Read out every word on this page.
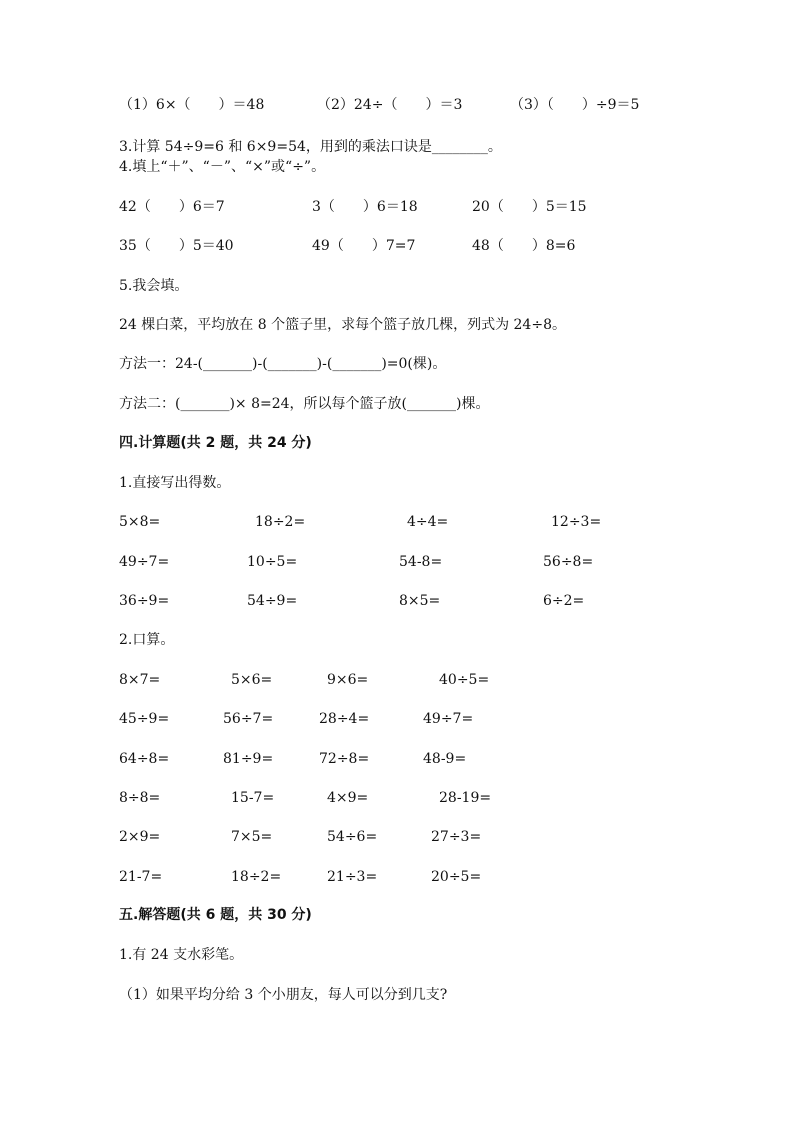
（1）6×（　　）＝48	（2）24÷（　　）＝3	（3）（　　）÷9＝5
3.计算 54÷9=6 和 6×9=54，用到的乘法口诀是________。
4.填上“＋”、“－”、“×”或“÷”。
42（　　）6＝7	3（　　）6＝18	20（　　）5＝15
35（　　）5＝40	49（　　）7=7	48（　　）8=6
5.我会填。
24 棵白菜，平均放在 8 个篮子里，求每个篮子放几棵，列式为 24÷8。
方法一：24-(_______)-(_______)-(_______)=0(棵)。
方法二：(_______)× 8=24，所以每个篮子放(_______)棵。
四.计算题(共 2 题，共 24 分)
1.直接写出得数。
5×8=	18÷2=	4÷4=	12÷3=
49÷7=	10÷5=	54-8=	56÷8=
36÷9=	54÷9=	8×5=	6÷2=
2.口算。
8×7=	5×6=	9×6=	40÷5=
45÷9=	56÷7=	28÷4=	49÷7=
64÷8=	81÷9=	72÷8=	48-9=
8÷8=	15-7=	4×9=	28-19=
2×9=	7×5=	54÷6=	27÷3=
21-7=	18÷2=	21÷3=	20÷5=
五.解答题(共 6 题，共 30 分)
1.有 24 支水彩笔。
（1）如果平均分给 3 个小朋友，每人可以分到几支?
